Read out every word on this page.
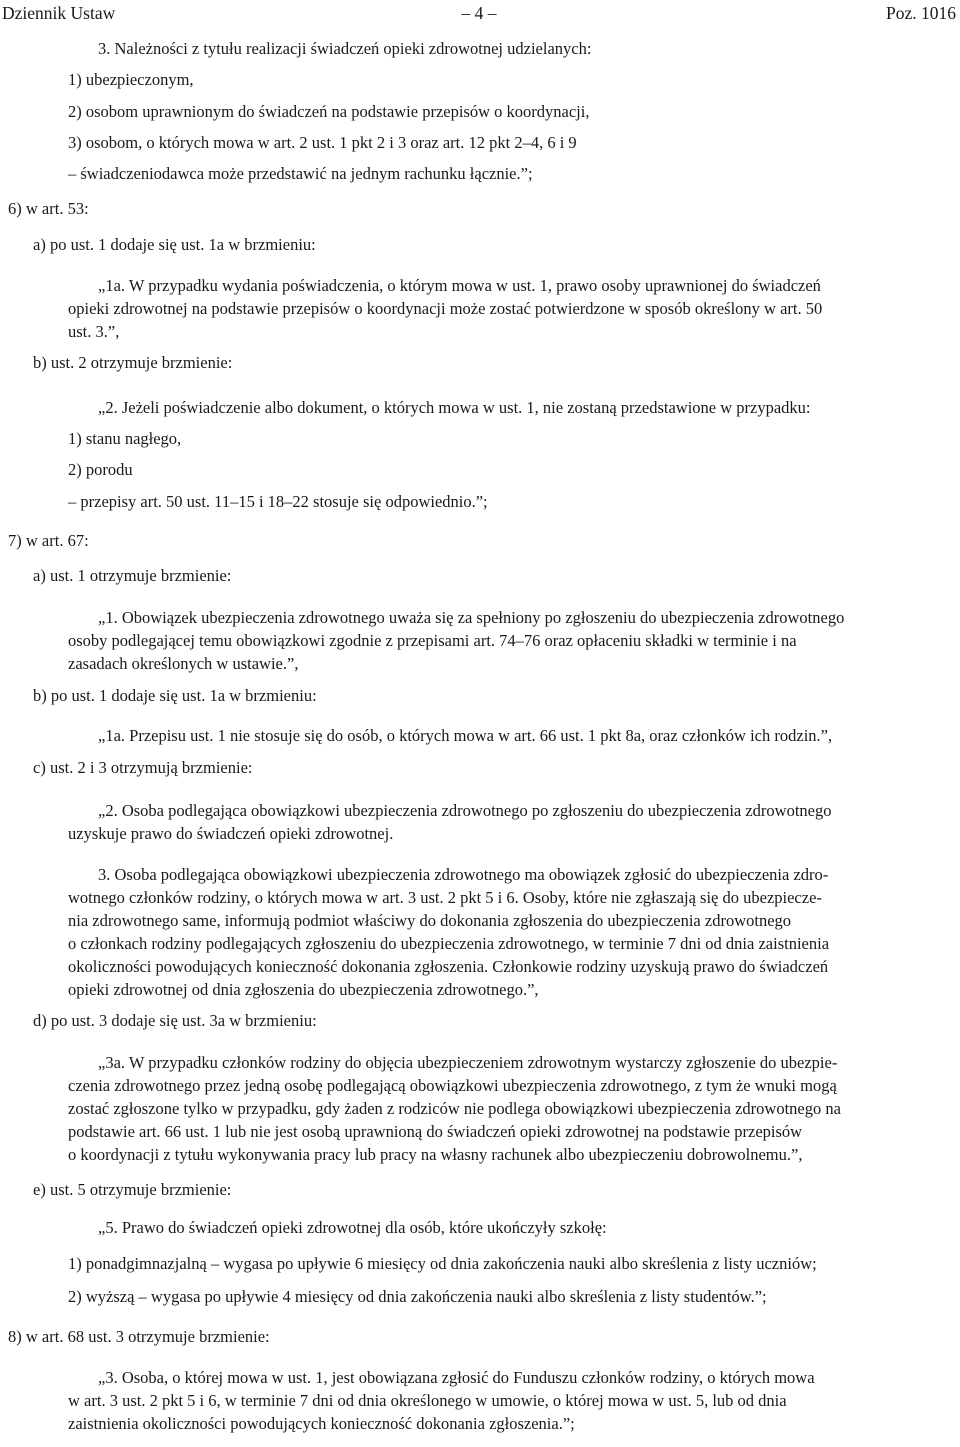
Dziennik Ustaw	– 4 –	Poz. 1016
3. Należności z tytułu realizacji świadczeń opieki zdrowotnej udzielanych:
1) ubezpieczonym,
2) osobom uprawnionym do świadczeń na podstawie przepisów o koordynacji,
3) osobom, o których mowa w art. 2 ust. 1 pkt 2 i 3 oraz art. 12 pkt 2–4, 6 i 9
– świadczeniodawca może przedstawić na jednym rachunku łącznie.”;
6) w art. 53:
a) po ust. 1 dodaje się ust. 1a w brzmieniu:
„1a. W przypadku wydania poświadczenia, o którym mowa w ust. 1, prawo osoby uprawnionej do świadczeń
opieki zdrowotnej na podstawie przepisów o koordynacji może zostać potwierdzone w sposób określony w art. 50
ust. 3.”,
b) ust. 2 otrzymuje brzmienie:
„2. Jeżeli poświadczenie albo dokument, o których mowa w ust. 1, nie zostaną przedstawione w przypadku:
1) stanu nagłego,
2) porodu
– przepisy art. 50 ust. 11–15 i 18–22 stosuje się odpowiednio.”;
7) w art. 67:
a) ust. 1 otrzymuje brzmienie:
„1. Obowiązek ubezpieczenia zdrowotnego uważa się za spełniony po zgłoszeniu do ubezpieczenia zdrowotnego
osoby podlegającej temu obowiązkowi zgodnie z przepisami art. 74–76 oraz opłaceniu składki w terminie i na
zasadach określonych w ustawie.”,
b) po ust. 1 dodaje się ust. 1a w brzmieniu:
„1a. Przepisu ust. 1 nie stosuje się do osób, o których mowa w art. 66 ust. 1 pkt 8a, oraz członków ich rodzin.”,
c) ust. 2 i 3 otrzymują brzmienie:
„2. Osoba podlegająca obowiązkowi ubezpieczenia zdrowotnego po zgłoszeniu do ubezpieczenia zdrowotnego
uzyskuje prawo do świadczeń opieki zdrowotnej.
3. Osoba podlegająca obowiązkowi ubezpieczenia zdrowotnego ma obowiązek zgłosić do ubezpieczenia zdro-
wotnego członków rodziny, o których mowa w art. 3 ust. 2 pkt 5 i 6. Osoby, które nie zgłaszają się do ubezpiecze-
nia zdrowotnego same, informują podmiot właściwy do dokonania zgłoszenia do ubezpieczenia zdrowotnego
o członkach rodziny podlegających zgłoszeniu do ubezpieczenia zdrowotnego, w terminie 7 dni od dnia zaistnienia
okoliczności powodujących konieczność dokonania zgłoszenia. Członkowie rodziny uzyskują prawo do świadczeń
opieki zdrowotnej od dnia zgłoszenia do ubezpieczenia zdrowotnego.”,
d) po ust. 3 dodaje się ust. 3a w brzmieniu:
„3a. W przypadku członków rodziny do objęcia ubezpieczeniem zdrowotnym wystarczy zgłoszenie do ubezpie-
czenia zdrowotnego przez jedną osobę podlegającą obowiązkowi ubezpieczenia zdrowotnego, z tym że wnuki mogą
zostać zgłoszone tylko w przypadku, gdy żaden z rodziców nie podlega obowiązkowi ubezpieczenia zdrowotnego na
podstawie art. 66 ust. 1 lub nie jest osobą uprawnioną do świadczeń opieki zdrowotnej na podstawie przepisów
o koordynacji z tytułu wykonywania pracy lub pracy na własny rachunek albo ubezpieczeniu dobrowolnemu.”,
e) ust. 5 otrzymuje brzmienie:
„5. Prawo do świadczeń opieki zdrowotnej dla osób, które ukończyły szkołę:
1) ponadgimnazjalną – wygasa po upływie 6 miesięcy od dnia zakończenia nauki albo skreślenia z listy uczniów;
2) wyższą – wygasa po upływie 4 miesięcy od dnia zakończenia nauki albo skreślenia z listy studentów.”;
8) w art. 68 ust. 3 otrzymuje brzmienie:
„3. Osoba, o której mowa w ust. 1, jest obowiązana zgłosić do Funduszu członków rodziny, o których mowa
w art. 3 ust. 2 pkt 5 i 6, w terminie 7 dni od dnia określonego w umowie, o której mowa w ust. 5, lub od dnia
zaistnienia okoliczności powodujących konieczność dokonania zgłoszenia.”;
